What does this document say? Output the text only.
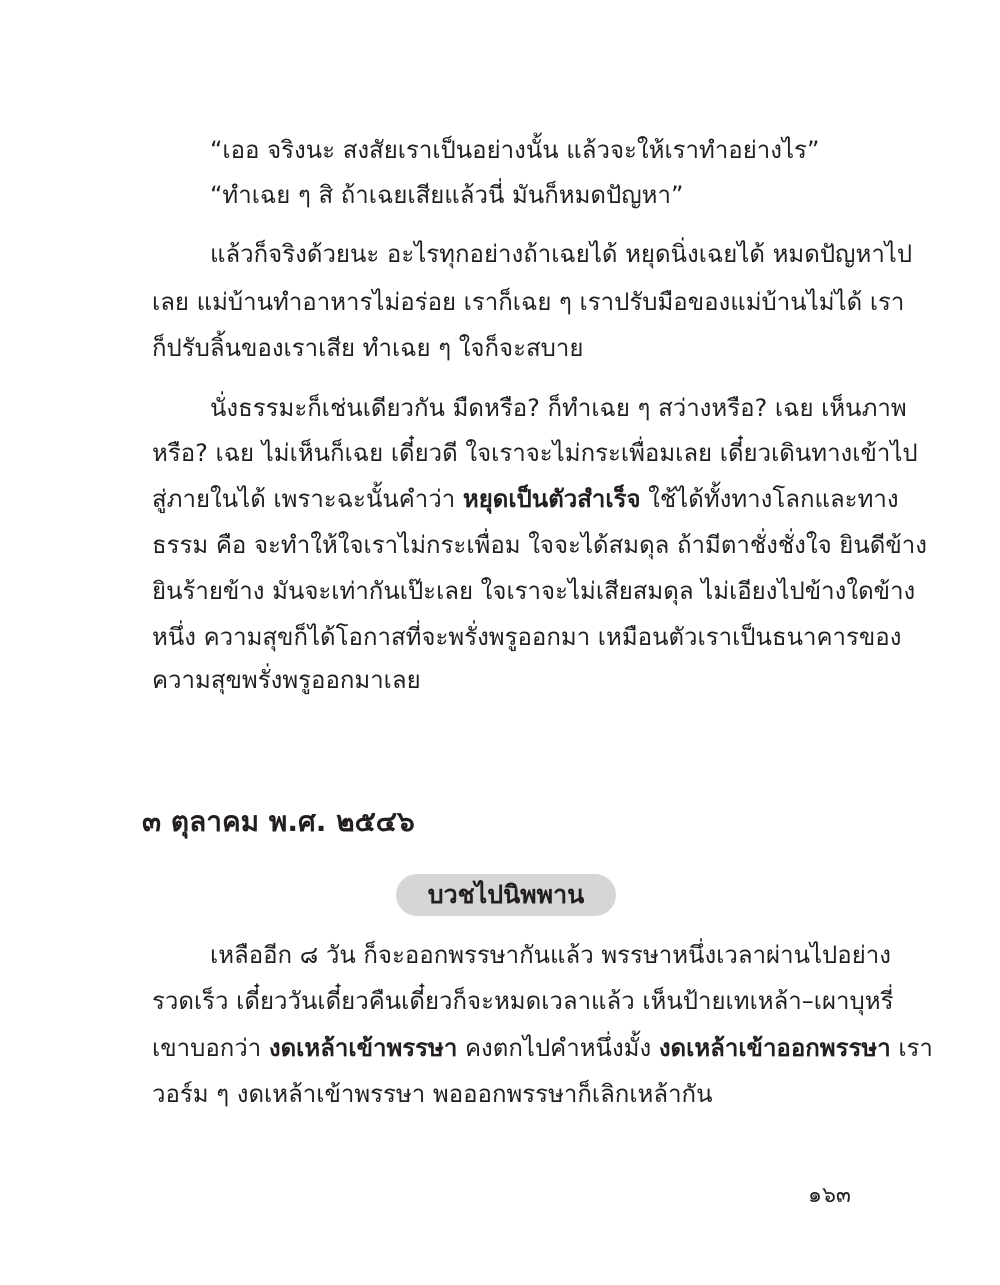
“เออ จริงนะ สงสัยเราเป็นอย่างนั้น แล้วจะให้เราทำอย่างไร”

“ทำเฉย ๆ สิ ถ้าเฉยเสียแล้วนี่ มันก็หมดปัญหา”

แล้วก็จริงด้วยนะ อะไรทุกอย่างถ้าเฉยได้ หยุดนิ่งเฉยได้ หมดปัญหาไป

เลย แม่บ้านทำอาหารไม่อร่อย เราก็เฉย ๆ เราปรับมือของแม่บ้านไม่ได้ เรา

ก็ปรับลิ้นของเราเสีย ทำเฉย ๆ ใจก็จะสบาย

นั่งธรรมะก็เช่นเดียวกัน มืดหรือ? ก็ทำเฉย ๆ สว่างหรือ? เฉย เห็นภาพ

หรือ? เฉย ไม่เห็นก็เฉย เดี๋ยวดี ใจเราจะไม่กระเพื่อมเลย เดี๋ยวเดินทางเข้าไป

สู่ภายในได้ เพราะฉะนั้นคำว่า หยุดเป็นตัวสำเร็จ ใช้ได้ทั้งทางโลกและทาง

ธรรม คือ จะทำให้ใจเราไม่กระเพื่อม ใจจะได้สมดุล ถ้ามีตาชั่งชั่งใจ ยินดีข้าง

ยินร้ายข้าง มันจะเท่ากันเป๊ะเลย ใจเราจะไม่เสียสมดุล ไม่เอียงไปข้างใดข้าง

หนึ่ง ความสุขก็ได้โอกาสที่จะพรั่งพรูออกมา เหมือนตัวเราเป็นธนาคารของ

ความสุขพรั่งพรูออกมาเลย

๓ ตุลาคม พ.ศ. ๒๕๔๖
บวชไปนิพพาน

เหลืออีก ๘ วัน ก็จะออกพรรษากันแล้ว พรรษาหนึ่งเวลาผ่านไปอย่าง

รวดเร็ว เดี๋ยววันเดี๋ยวคืนเดี๋ยวก็จะหมดเวลาแล้ว เห็นป้ายเทเหล้า–เผาบุหรี่

เขาบอกว่า งดเหล้าเข้าพรรษา คงตกไปคำหนึ่งมั้ง งดเหล้าเข้าออกพรรษา เรา

วอร์ม ๆ งดเหล้าเข้าพรรษา พอออกพรรษาก็เลิกเหล้ากัน

๑๖๓
